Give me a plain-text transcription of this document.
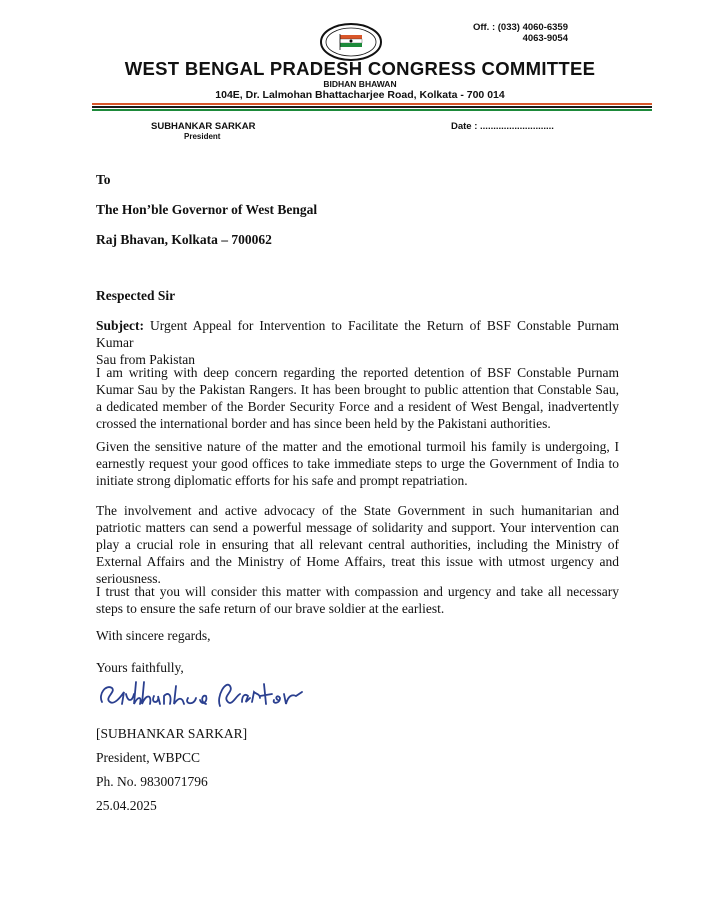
Off. : (033) 4060-6359
4063-9054
WEST BENGAL PRADESH CONGRESS COMMITTEE
BIDHAN BHAWAN
104E, Dr. Lalmohan Bhattacharjee Road, Kolkata - 700 014
SUBHANKAR SARKAR
President
Date : ............................
To
The Hon’ble Governor of West Bengal
Raj Bhavan, Kolkata – 700062
Respected Sir
Subject: Urgent Appeal for Intervention to Facilitate the Return of BSF Constable Purnam Kumar
Sau from Pakistan
I am writing with deep concern regarding the reported detention of BSF Constable Purnam Kumar Sau by the Pakistan Rangers. It has been brought to public attention that Constable Sau, a dedicated member of the Border Security Force and a resident of West Bengal, inadvertently crossed the international border and has since been held by the Pakistani authorities.
Given the sensitive nature of the matter and the emotional turmoil his family is undergoing, I earnestly request your good offices to take immediate steps to urge the Government of India to initiate strong diplomatic efforts for his safe and prompt repatriation.
The involvement and active advocacy of the State Government in such humanitarian and patriotic matters can send a powerful message of solidarity and support. Your intervention can play a crucial role in ensuring that all relevant central authorities, including the Ministry of External Affairs and the Ministry of Home Affairs, treat this issue with utmost urgency and seriousness.
I trust that you will consider this matter with compassion and urgency and take all necessary steps to ensure the safe return of our brave soldier at the earliest.
With sincere regards,
Yours faithfully,
[SUBHANKAR SARKAR]
President, WBPCC
Ph. No. 9830071796
25.04.2025
